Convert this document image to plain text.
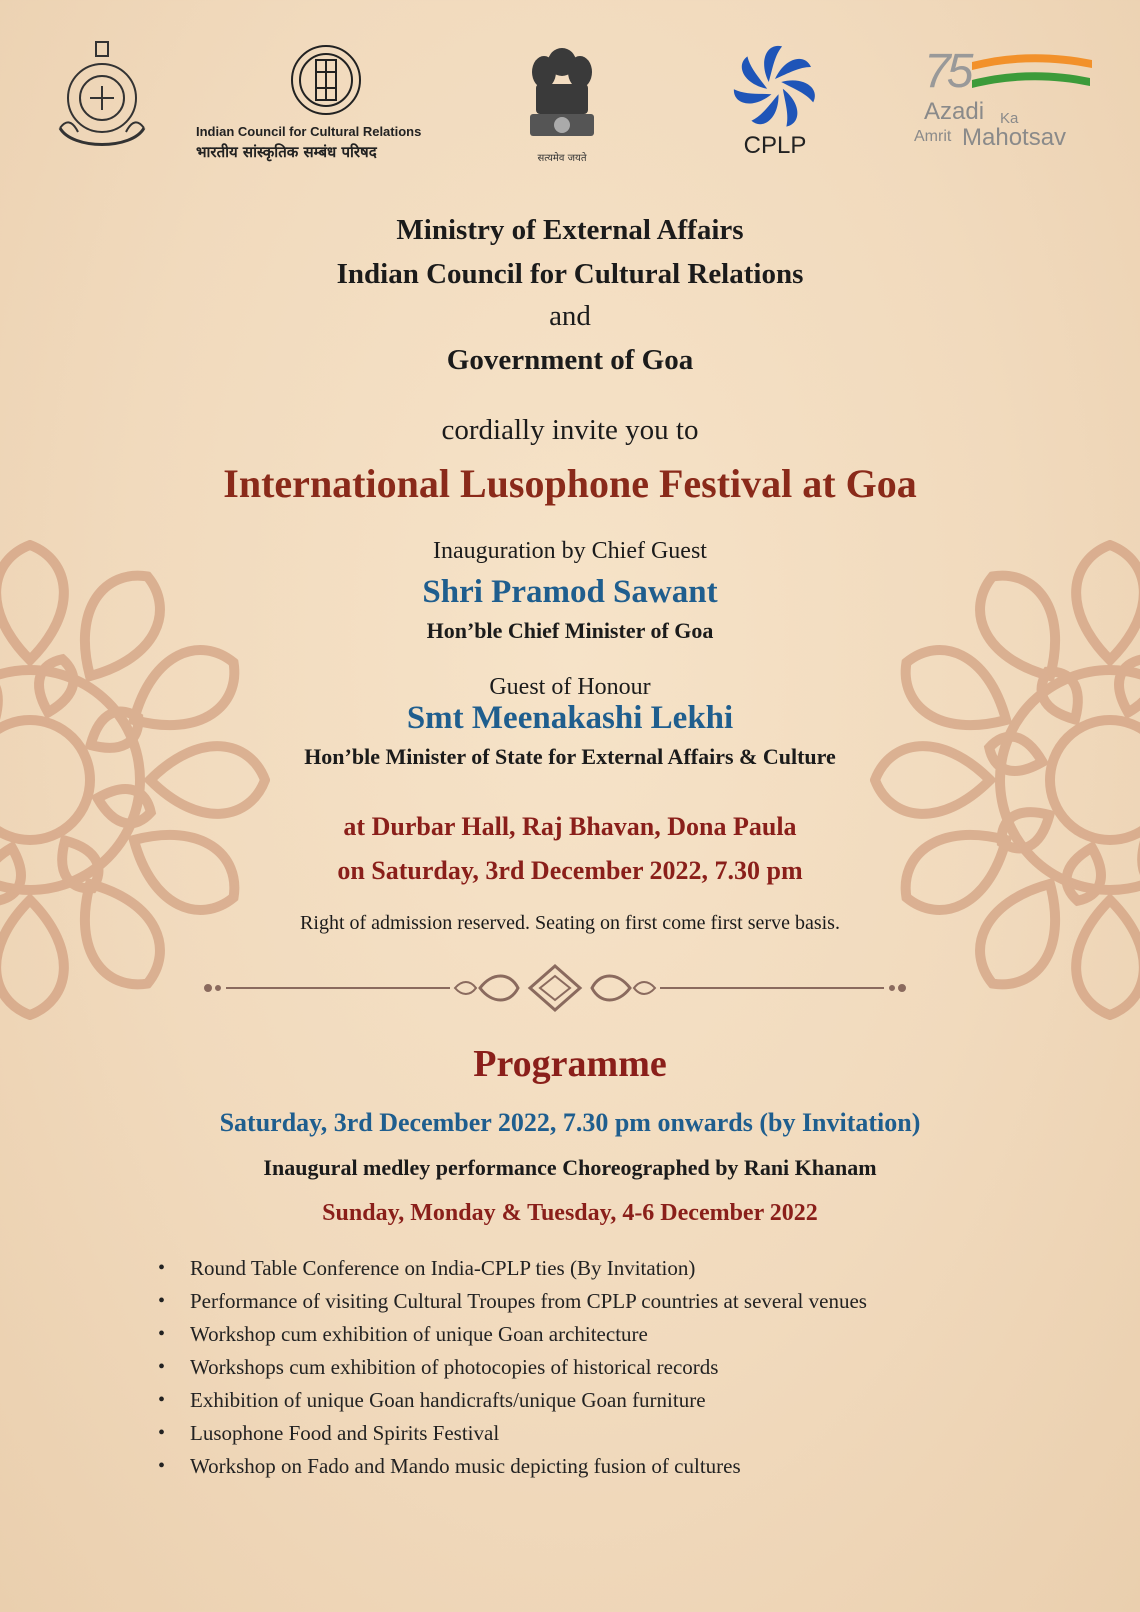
Indian Council for Cultural Relations
भारतीय सांस्कृतिक सम्बंध परिषद	सत्यमेव जयते	CPLP
75
Azadi Ka
Amrit Mahotsav
Ministry of External Affairs
Indian Council for Cultural Relations
and
Government of Goa
cordially invite you to
International Lusophone Festival at Goa
Inauguration by Chief Guest
Shri Pramod Sawant
Hon’ble Chief Minister of Goa
Guest of Honour
Smt Meenakashi Lekhi
Hon’ble Minister of State for External Affairs & Culture
at Durbar Hall, Raj Bhavan, Dona Paula
on Saturday, 3rd December 2022, 7.30 pm
Right of admission reserved. Seating on first come first serve basis.
Programme
Saturday, 3rd December 2022, 7.30 pm onwards (by Invitation)
Inaugural medley performance Choreographed by Rani Khanam
Sunday, Monday & Tuesday, 4-6 December 2022
• Round Table Conference on India-CPLP ties (By Invitation)
• Performance of visiting Cultural Troupes from CPLP countries at several venues
• Workshop cum exhibition of unique Goan architecture
• Workshops cum exhibition of photocopies of historical records
• Exhibition of unique Goan handicrafts/unique Goan furniture
• Lusophone Food and Spirits Festival
• Workshop on Fado and Mando music depicting fusion of cultures
